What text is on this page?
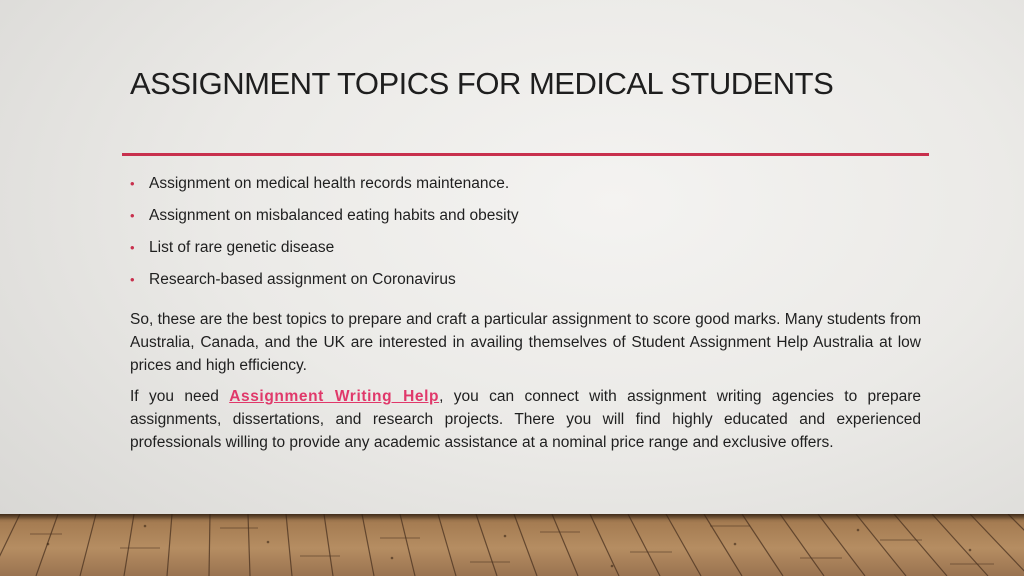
ASSIGNMENT TOPICS FOR MEDICAL STUDENTS
• Assignment on medical health records maintenance.
• Assignment on misbalanced eating habits and obesity
• List of rare genetic disease
• Research-based assignment on Coronavirus

So, these are the best topics to prepare and craft a particular assignment to score good marks. Many students from Australia, Canada, and the UK are interested in availing themselves of Student Assignment Help Australia at low prices and high efficiency.

If you need Assignment Writing Help, you can connect with assignment writing agencies to prepare assignments, dissertations, and research projects. There you will find highly educated and experienced professionals willing to provide any academic assistance at a nominal price range and exclusive offers.
